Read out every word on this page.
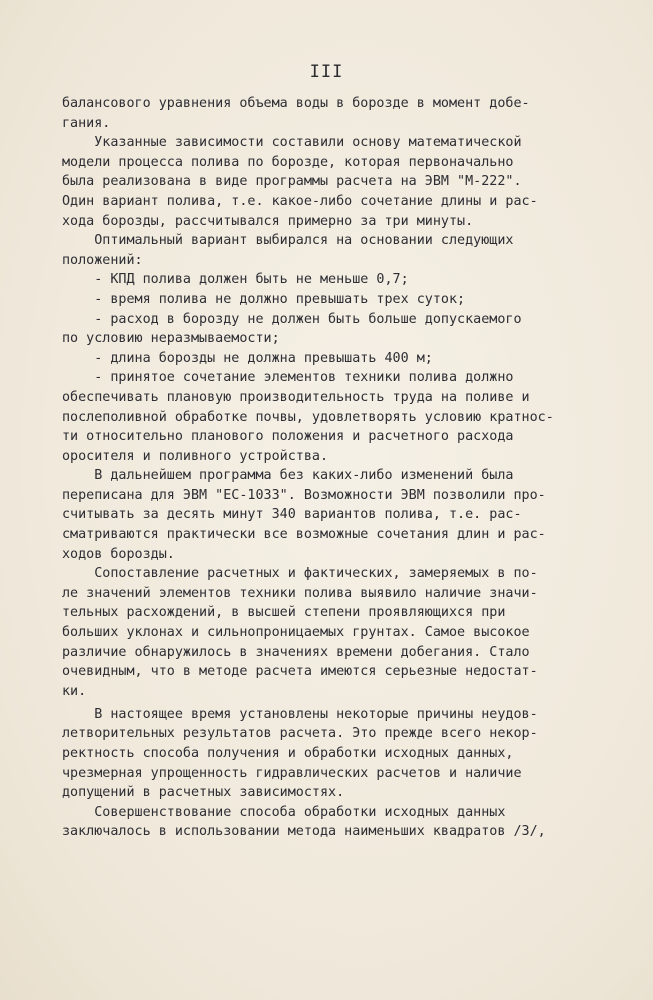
III
балансового уравнения объема воды в борозде в момент добе-
гания.
Указанные зависимости составили основу математической
модели процесса полива по борозде, которая первоначально
была реализована в виде программы расчета на ЭВМ "М-222".
Один вариант полива, т.е. какое-либо сочетание длины и рас-
хода борозды, рассчитывался примерно за три минуты.
Оптимальный вариант выбирался на основании следующих
положений:
- КПД полива должен быть не меньше 0,7;
- время полива не должно превышать трех суток;
- расход в борозду не должен быть больше допускаемого
по условию неразмываемости;
- длина борозды не должна превышать 400 м;
- принятое сочетание элементов техники полива должно
обеспечивать плановую производительность труда на поливе и
послеполивной обработке почвы, удовлетворять условию кратнос-
ти относительно планового положения и расчетного расхода
оросителя и поливного устройства.
В дальнейшем программа без каких-либо изменений была
переписана для ЭВМ "ЕС-1033". Возможности ЭВМ позволили про-
считывать за десять минут 340 вариантов полива, т.е. рас-
сматриваются практически все возможные сочетания длин и рас-
ходов борозды.
Сопоставление расчетных и фактических, замеряемых в по-
ле значений элементов техники полива выявило наличие значи-
тельных расхождений, в высшей степени проявляющихся при
больших уклонах и сильнопроницаемых грунтах. Самое высокое
различие обнаружилось в значениях времени добегания. Стало
очевидным, что в методе расчета имеются серьезные недостат-
ки.
В настоящее время установлены некоторые причины неудов-
летворительных результатов расчета. Это прежде всего некор-
ректность способа получения и обработки исходных данных,
чрезмерная упрощенность гидравлических расчетов и наличие
допущений в расчетных зависимостях.
Совершенствование способа обработки исходных данных
заключалось в использовании метода наименьших квадратов /3/,
